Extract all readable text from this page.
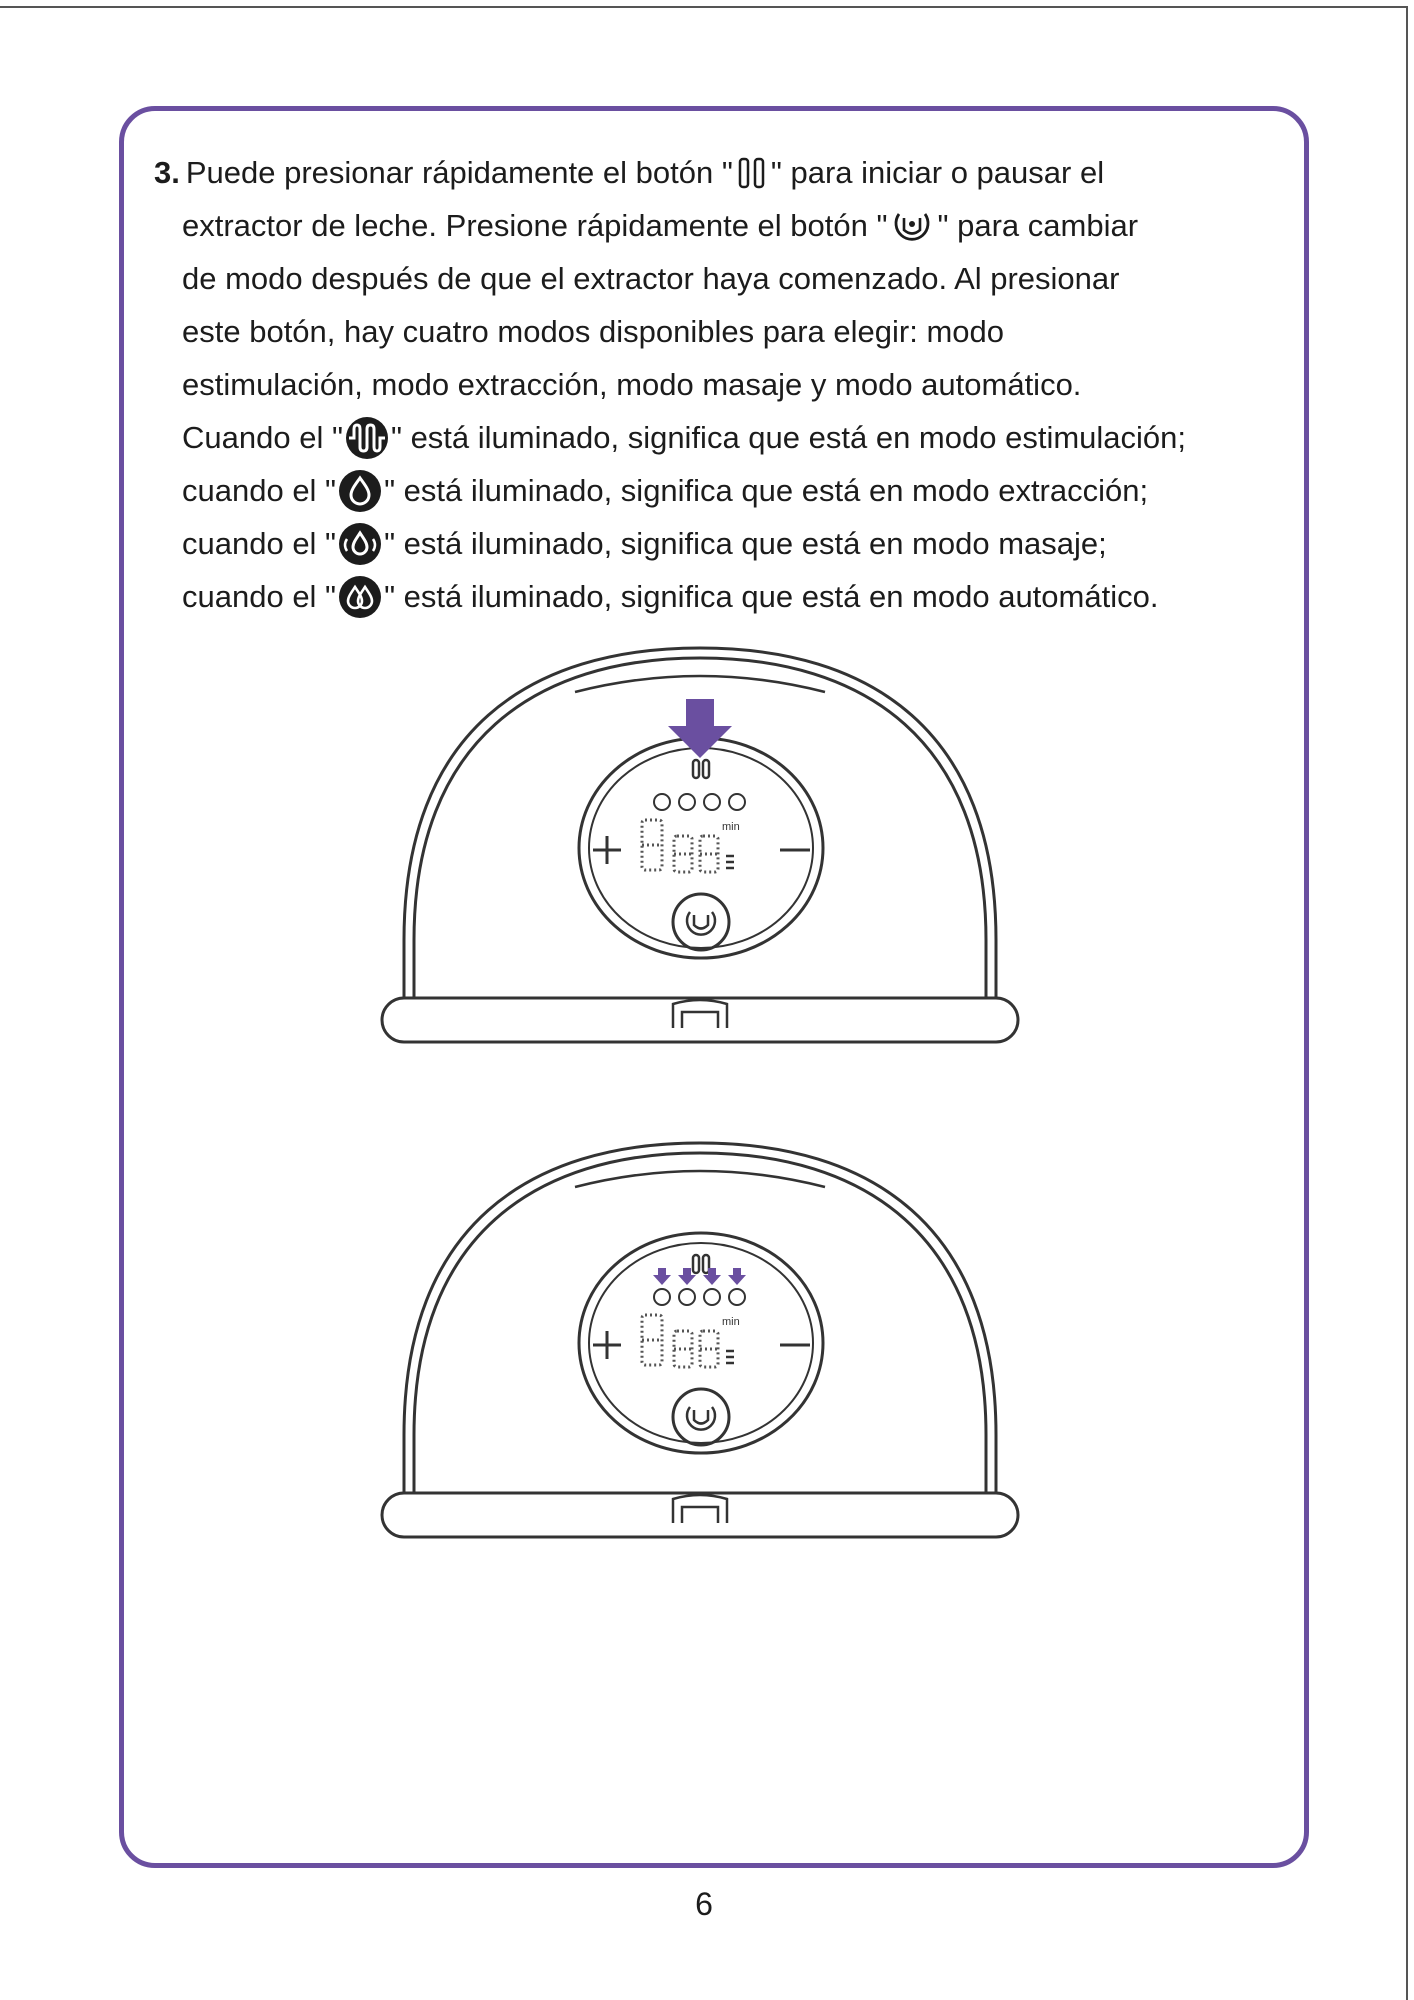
3. Puede presionar rápidamente el botón " " para iniciar o pausar el
extractor de leche. Presione rápidamente el botón " " para cambiar
de modo después de que el extractor haya comenzado. Al presionar
este botón, hay cuatro modos disponibles para elegir: modo
estimulación, modo extracción, modo masaje y modo automático.
Cuando el " " está iluminado, significa que está en modo estimulación;
cuando el " " está iluminado, significa que está en modo extracción;
cuando el " " está iluminado, significa que está en modo masaje;
cuando el " " está iluminado, significa que está en modo automático.
min
min
6
